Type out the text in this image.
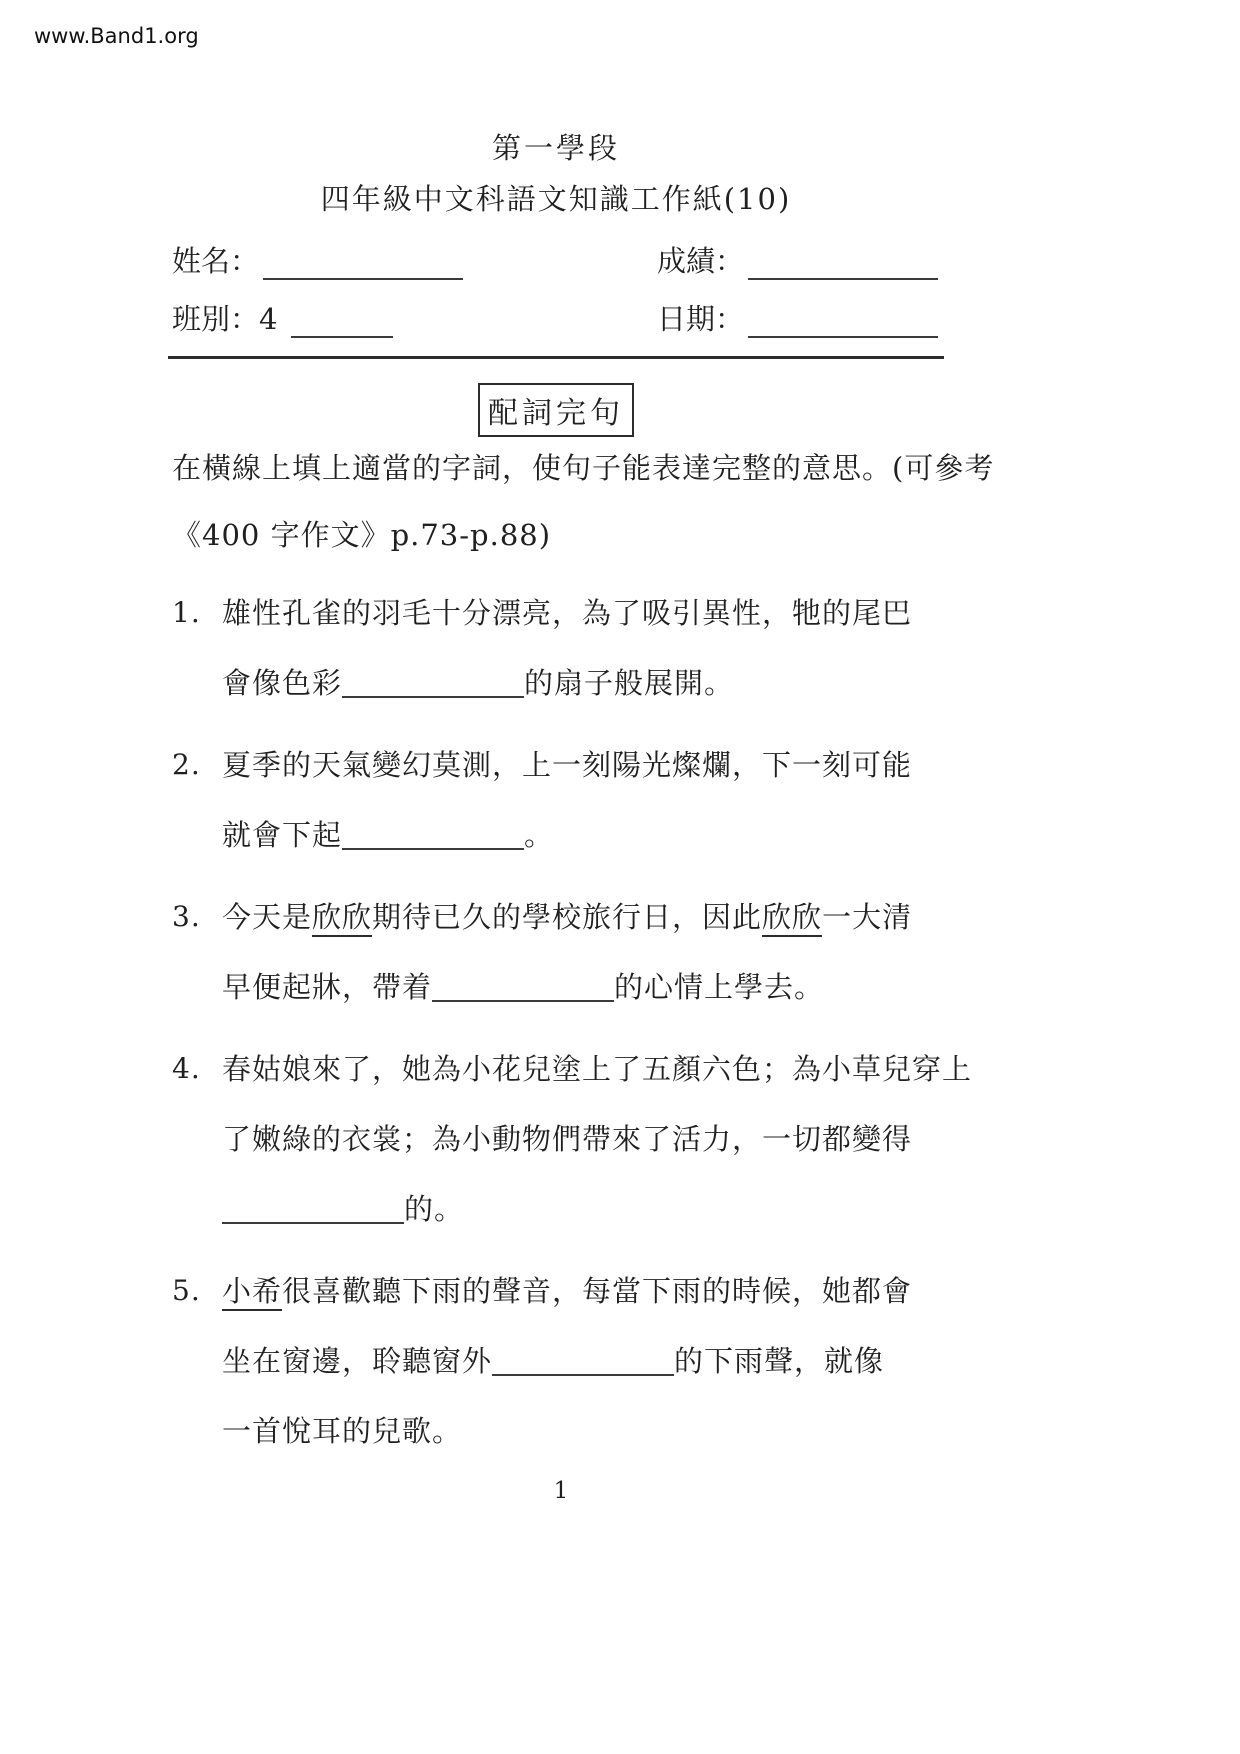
www.Band1.org
第一學段
四年級中文科語文知識工作紙(10)
姓名：	成績：
班別：4	日期：
配詞完句
在橫線上填上適當的字詞，使句子能表達完整的意思。(可參考
《400 字作文》p.73-p.88)
1. 雄性孔雀的羽毛十分漂亮，為了吸引異性，牠的尾巴
會像色彩	的扇子般展開。
2. 夏季的天氣變幻莫測，上一刻陽光燦爛，下一刻可能
就會下起	。
3. 今天是欣欣期待已久的學校旅行日，因此欣欣一大清
早便起牀，帶着	的心情上學去。
4. 春姑娘來了，她為小花兒塗上了五顏六色；為小草兒穿上
了嫩綠的衣裳；為小動物們帶來了活力，一切都變得
的。
5. 小希很喜歡聽下雨的聲音，每當下雨的時候，她都會
坐在窗邊，聆聽窗外	的下雨聲，就像
一首悅耳的兒歌。
1
